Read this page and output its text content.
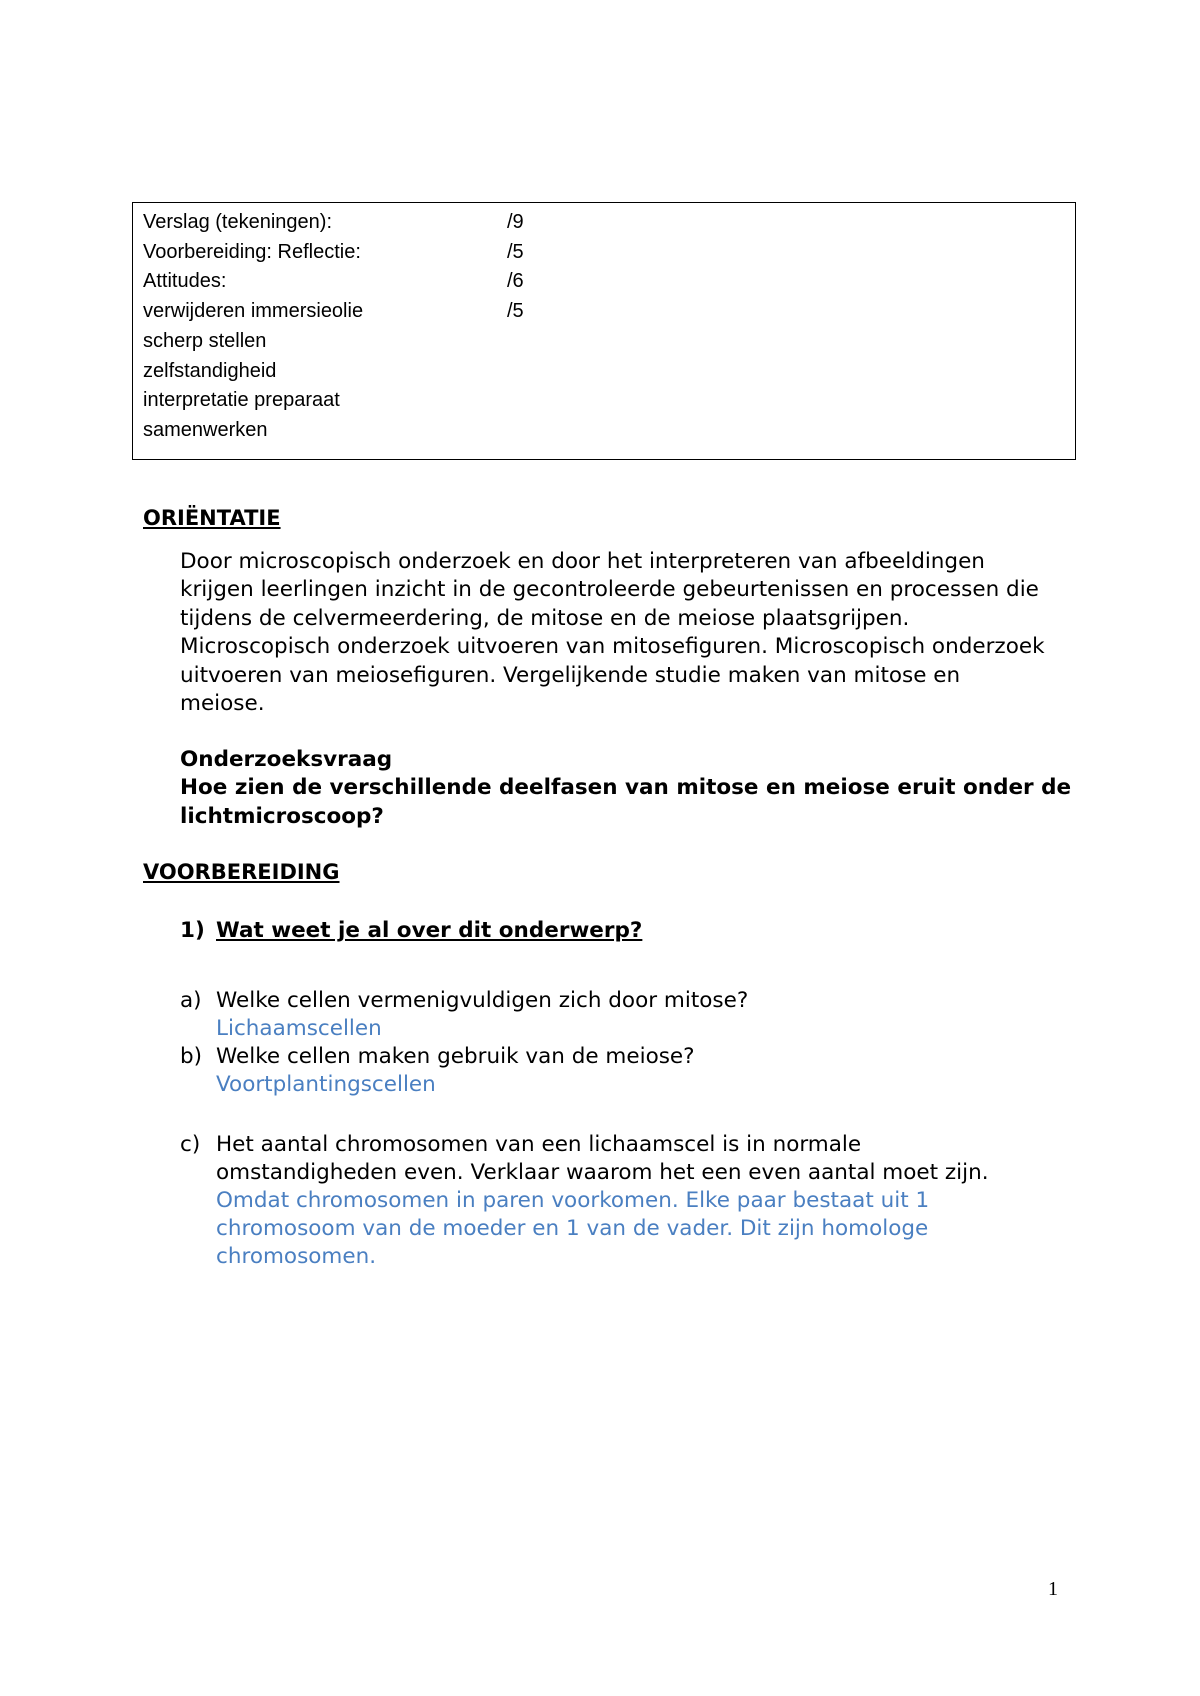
Verslag (tekeningen):	/9
Voorbereiding: Reflectie:	/5
Attitudes:	/6
verwijderen immersieolie	/5
scherp stellen
zelfstandigheid
interpretatie preparaat
samenwerken
ORIËNTATIE
Door microscopisch onderzoek en door het interpreteren van afbeeldingen
krijgen leerlingen inzicht in de gecontroleerde gebeurtenissen en processen die
tijdens de celvermeerdering, de mitose en de meiose plaatsgrijpen.
Microscopisch onderzoek uitvoeren van mitosefiguren. Microscopisch onderzoek
uitvoeren van meiosefiguren. Vergelijkende studie maken van mitose en
meiose.
Onderzoeksvraag
Hoe zien de verschillende deelfasen van mitose en meiose eruit onder de
lichtmicroscoop?
VOORBEREIDING
1) Wat weet je al over dit onderwerp?
a) Welke cellen vermenigvuldigen zich door mitose?
Lichaamscellen
b) Welke cellen maken gebruik van de meiose?
Voortplantingscellen
c) Het aantal chromosomen van een lichaamscel is in normale
omstandigheden even. Verklaar waarom het een even aantal moet zijn.
Omdat chromosomen in paren voorkomen. Elke paar bestaat uit 1
chromosoom van de moeder en 1 van de vader. Dit zijn homologe
chromosomen.
1
